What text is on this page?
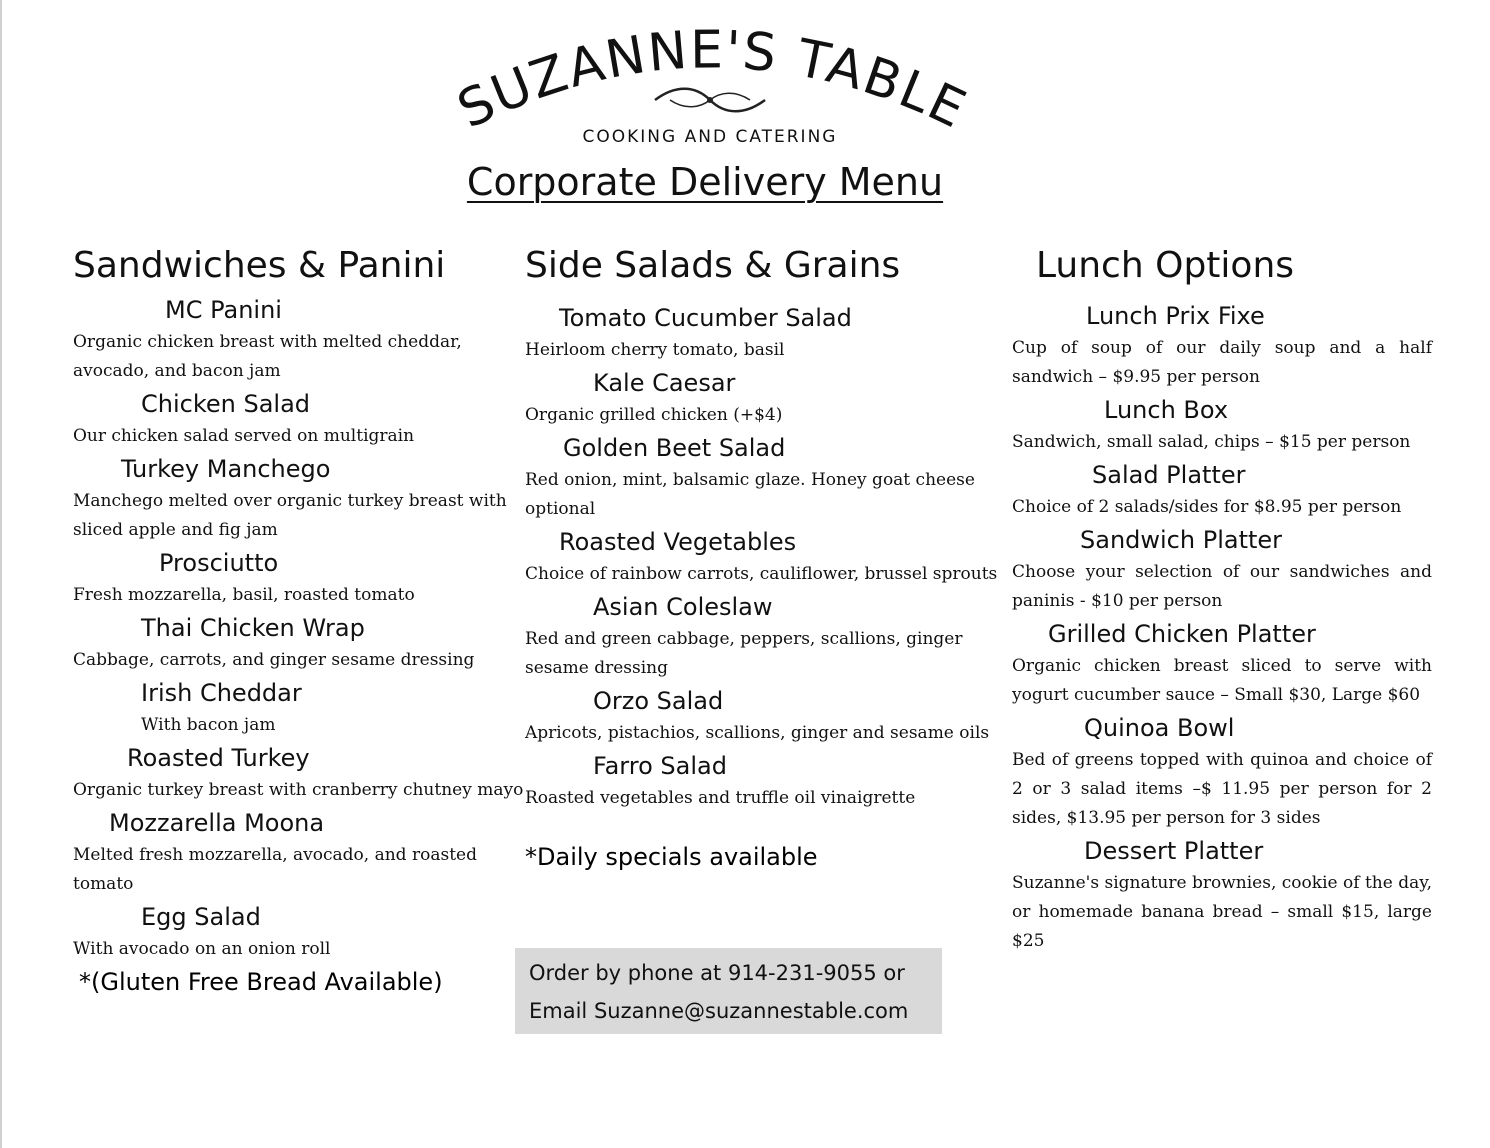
SUZANNE'S TABLE
COOKING AND CATERING
Corporate Delivery Menu
Sandwiches & Panini
MC Panini
Organic chicken breast with melted cheddar, avocado, and bacon jam
Chicken Salad
Our chicken salad served on multigrain
Turkey Manchego
Manchego melted over organic turkey breast with sliced apple and fig jam
Prosciutto
Fresh mozzarella, basil, roasted tomato
Thai Chicken Wrap
Cabbage, carrots, and ginger sesame dressing
Irish Cheddar
With bacon jam
Roasted Turkey
Organic turkey breast with cranberry chutney mayo
Mozzarella Moona
Melted fresh mozzarella, avocado, and roasted tomato
Egg Salad
With avocado on an onion roll
*(Gluten Free Bread Available)
Side Salads & Grains
Tomato Cucumber Salad
Heirloom cherry tomato, basil
Kale Caesar
Organic grilled chicken (+$4)
Golden Beet Salad
Red onion, mint, balsamic glaze. Honey goat cheese optional
Roasted Vegetables
Choice of rainbow carrots, cauliflower, brussel sprouts
Asian Coleslaw
Red and green cabbage, peppers, scallions, ginger sesame dressing
Orzo Salad
Apricots, pistachios, scallions, ginger and sesame oils
Farro Salad
Roasted vegetables and truffle oil vinaigrette
*Daily specials available
Order by phone at 914-231-9055 or
Email Suzanne@suzannestable.com
Lunch Options
Lunch Prix Fixe
Cup of soup of our daily soup and a half sandwich – $9.95 per person
Lunch Box
Sandwich, small salad, chips – $15 per person
Salad Platter
Choice of 2 salads/sides for $8.95 per person
Sandwich Platter
Choose your selection of our sandwiches and paninis - $10 per person
Grilled Chicken Platter
Organic chicken breast sliced to serve with yogurt cucumber sauce – Small $30, Large $60
Quinoa Bowl
Bed of greens topped with quinoa and choice of 2 or 3 salad items –$ 11.95 per person for 2 sides, $13.95 per person for 3 sides
Dessert Platter
Suzanne's signature brownies, cookie of the day, or homemade banana bread – small $15, large $25
